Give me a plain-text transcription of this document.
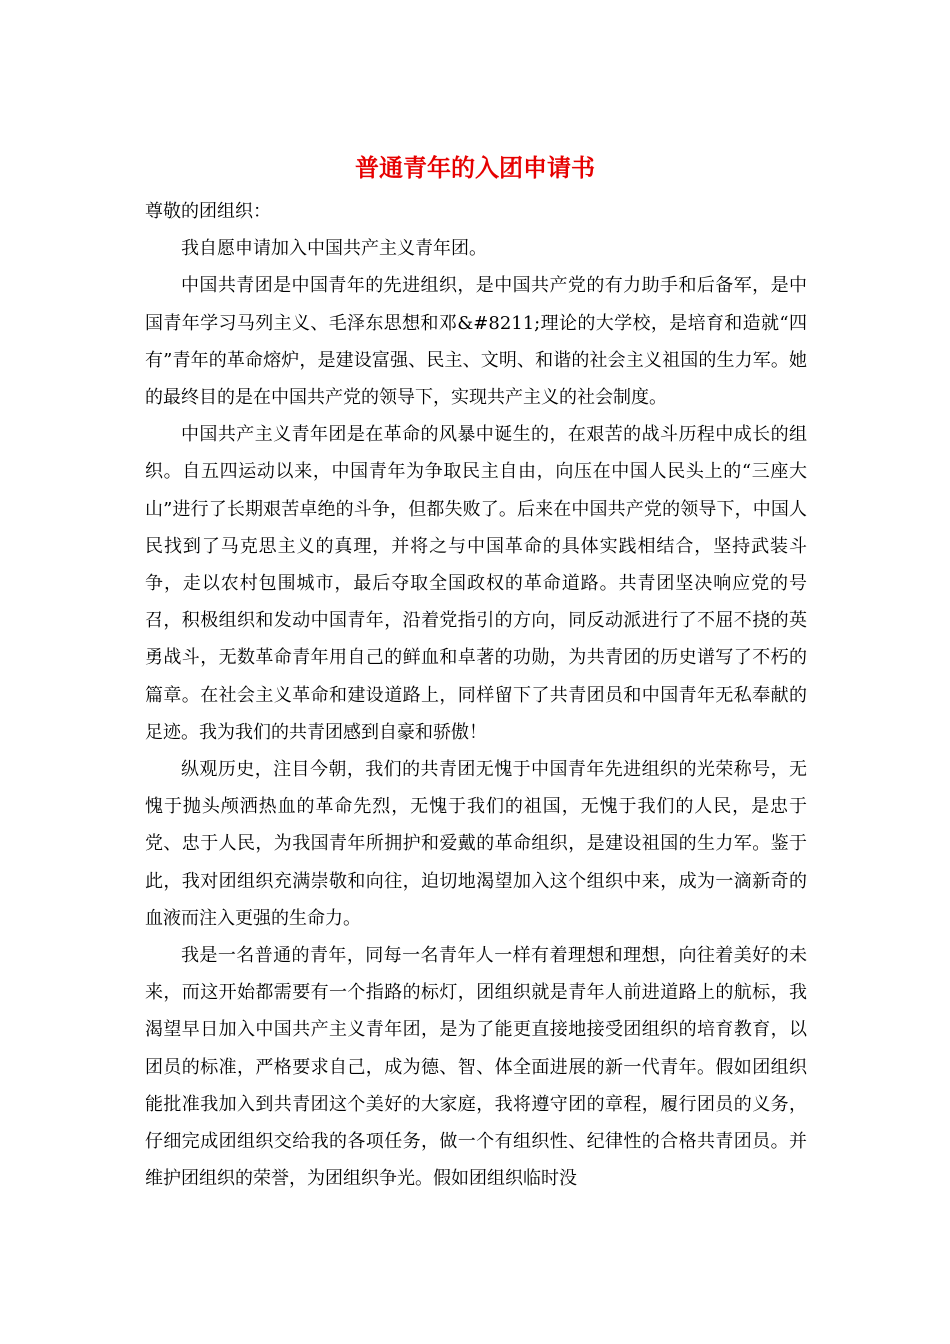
普通青年的入团申请书

尊敬的团组织：

我自愿申请加入中国共产主义青年团。

中国共青团是中国青年的先进组织，是中国共产党的有力助手和后备军，是中国青年学习马列主义、毛泽东思想和邓&#8211;理论的大学校，是培育和造就“四有”青年的革命熔炉，是建设富强、民主、文明、和谐的社会主义祖国的生力军。她的最终目的是在中国共产党的领导下，实现共产主义的社会制度。

中国共产主义青年团是在革命的风暴中诞生的，在艰苦的战斗历程中成长的组织。自五四运动以来，中国青年为争取民主自由，向压在中国人民头上的“三座大山”进行了长期艰苦卓绝的斗争，但都失败了。后来在中国共产党的领导下，中国人民找到了马克思主义的真理，并将之与中国革命的具体实践相结合，坚持武装斗争，走以农村包围城市，最后夺取全国政权的革命道路。共青团坚决响应党的号召，积极组织和发动中国青年，沿着党指引的方向，同反动派进行了不屈不挠的英勇战斗，无数革命青年用自己的鲜血和卓著的功勋，为共青团的历史谱写了不朽的篇章。在社会主义革命和建设道路上，同样留下了共青团员和中国青年无私奉献的足迹。我为我们的共青团感到自豪和骄傲！

纵观历史，注目今朝，我们的共青团无愧于中国青年先进组织的光荣称号，无愧于抛头颅洒热血的革命先烈，无愧于我们的祖国，无愧于我们的人民，是忠于党、忠于人民，为我国青年所拥护和爱戴的革命组织，是建设祖国的生力军。鉴于此，我对团组织充满崇敬和向往，迫切地渴望加入这个组织中来，成为一滴新奇的血液而注入更强的生命力。

我是一名普通的青年，同每一名青年人一样有着理想和理想，向往着美好的未来，而这开始都需要有一个指路的标灯，团组织就是青年人前进道路上的航标，我渴望早日加入中国共产主义青年团，是为了能更直接地接受团组织的培育教育，以团员的标准，严格要求自己，成为德、智、体全面进展的新一代青年。假如团组织能批准我加入到共青团这个美好的大家庭，我将遵守团的章程，履行团员的义务，仔细完成团组织交给我的各项任务，做一个有组织性、纪律性的合格共青团员。并维护团组织的荣誉，为团组织争光。假如团组织临时没
